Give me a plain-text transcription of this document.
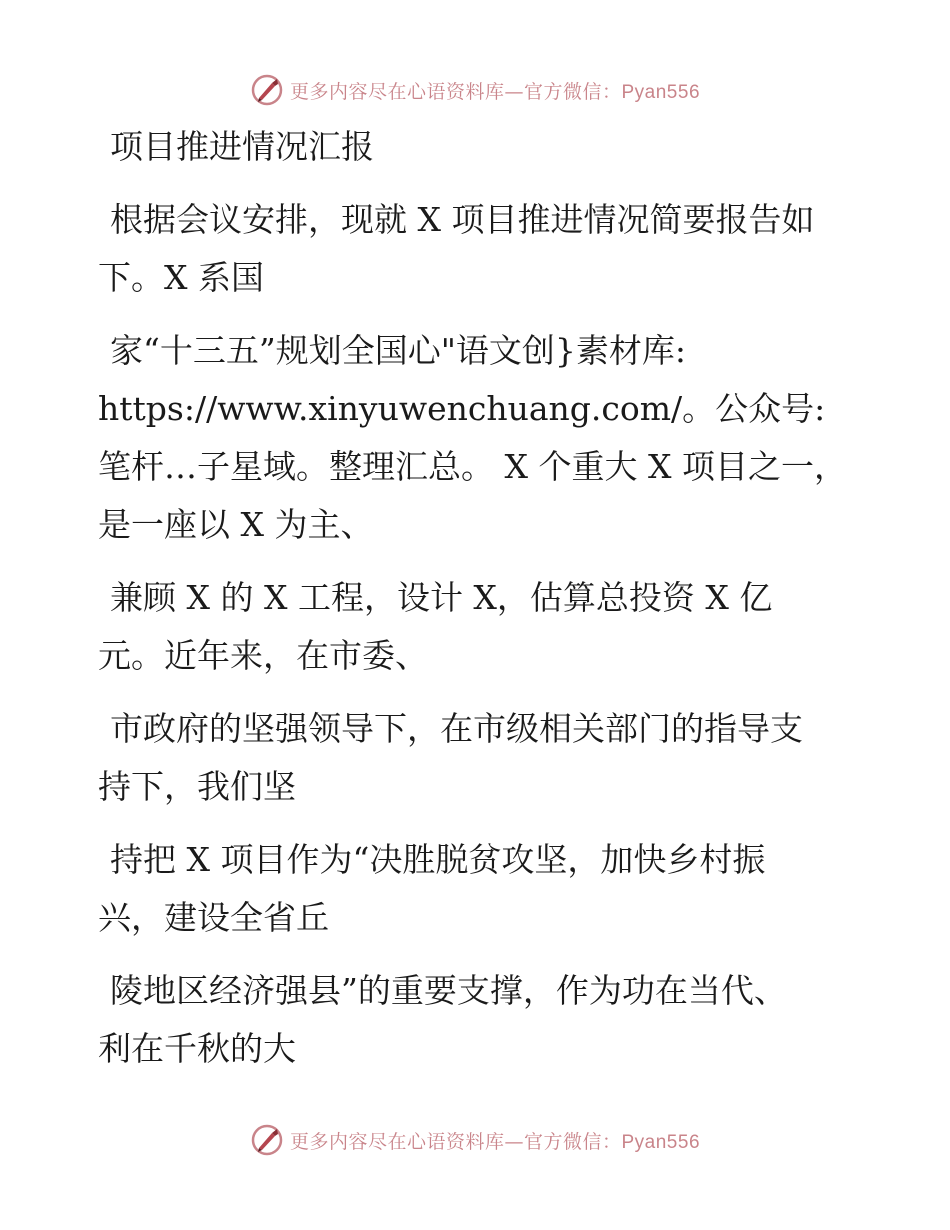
更多内容尽在心语资料库—官方微信：Pyan556

项目推进情况汇报

根据会议安排，现就 X 项目推进情况简要报告如
下。X 系国

家“十三五”规划全国心"语文创}素材库:
https://www.xinyuwenchuang.com/。公众号: 笔杆…子星域。整理汇总。 X 个重大 X 项目之一，是一座以 X 为主、

兼顾 X 的 X 工程，设计 X，估算总投资 X 亿
元。近年来，在市委、

市政府的坚强领导下，在市级相关部门的指导支
持下，我们坚

持把 X 项目作为“决胜脱贫攻坚，加快乡村振
兴，建设全省丘

陵地区经济强县”的重要支撑，作为功在当代、
利在千秋的大

更多内容尽在心语资料库—官方微信：Pyan556
